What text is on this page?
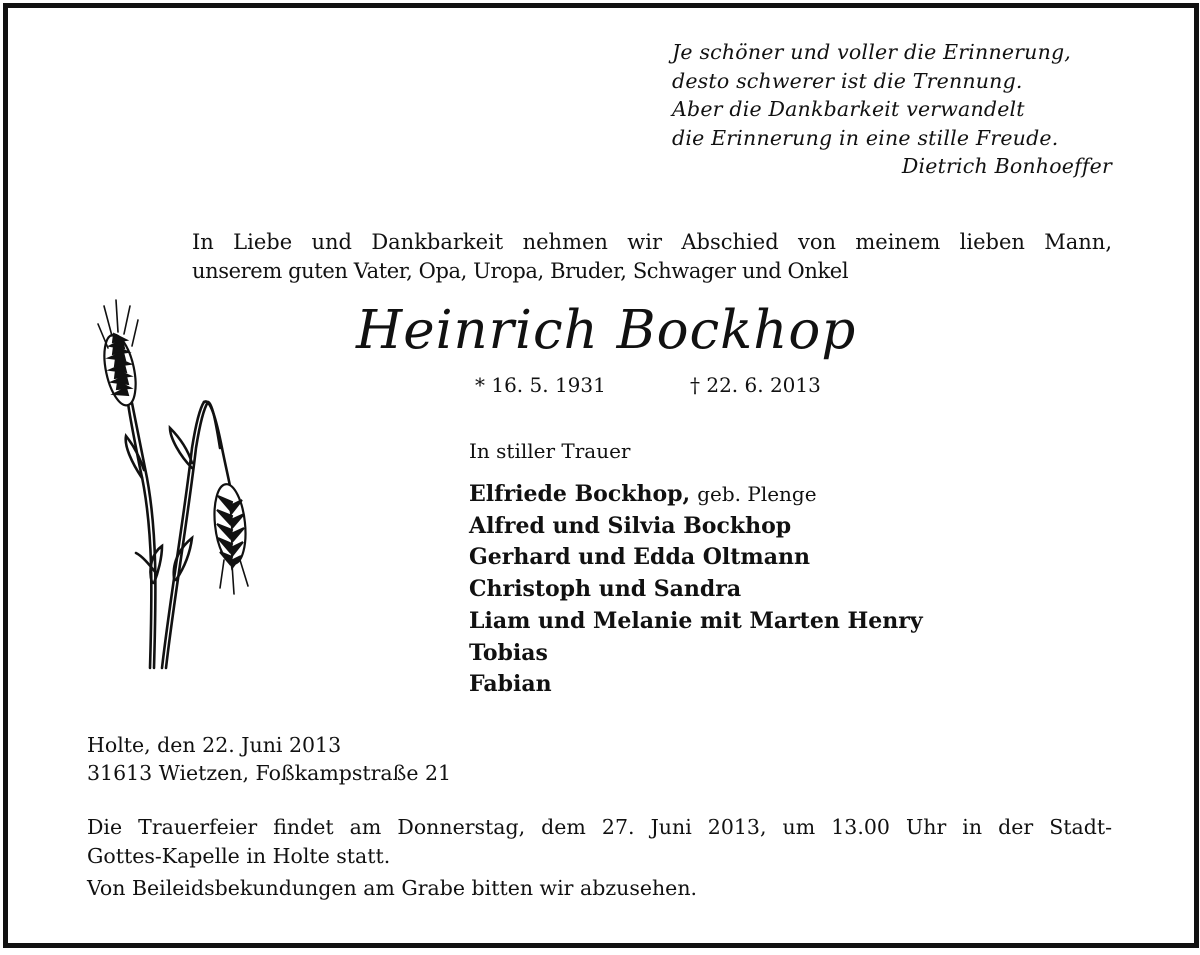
Je schöner und voller die Erinnerung,
desto schwerer ist die Trennung.
Aber die Dankbarkeit verwandelt
die Erinnerung in eine stille Freude.
Dietrich Bonhoeffer
In Liebe und Dankbarkeit nehmen wir Abschied von meinem lieben Mann,
unserem guten Vater, Opa, Uropa, Bruder, Schwager und Onkel
Heinrich Bockhop
* 16. 5. 1931	† 22. 6. 2013
In stiller Trauer
Elfriede Bockhop, geb. Plenge
Alfred und Silvia Bockhop
Gerhard und Edda Oltmann
Christoph und Sandra
Liam und Melanie mit Marten Henry
Tobias
Fabian
Holte, den 22. Juni 2013
31613 Wietzen, Foßkampstraße 21
Die Trauerfeier findet am Donnerstag, dem 27. Juni 2013, um 13.00 Uhr in der Stadt-
Gottes-Kapelle in Holte statt.
Von Beileidsbekundungen am Grabe bitten wir abzusehen.
